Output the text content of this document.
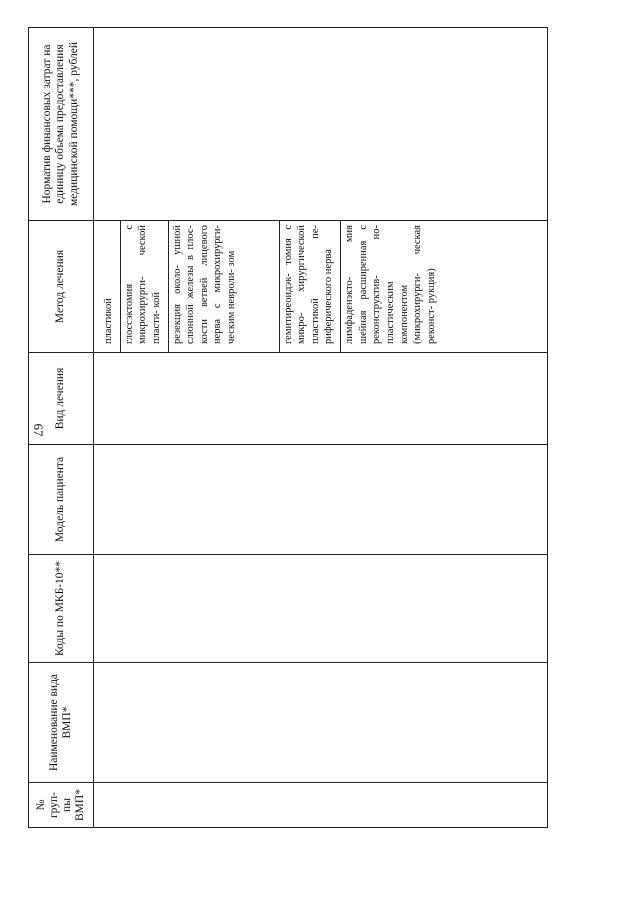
67
№ груп- пы ВМП*	Наименование вида ВМП*	Коды по МКБ-10**	Модель пациента	Вид лечения	Метод лечения	Норматив финансовых затрат на единицу объема предоставления медицинской помощи***, рублей

					пластикой глоссэктомия с микрохирурги- ческой пласти- кой резекция около- ушной слюнной железы в плос- кости ветвей лицевого нерва с микрохирурги- ческим невроли- зом гемитиреоидэк- томия с микро- хирургической пластикой пе- риферического нерва лимфаденэкто- мия шейная расширенная с реконструктив- но- пластическим компонентом (микрохирурги- ческая реконст- рукция)	
